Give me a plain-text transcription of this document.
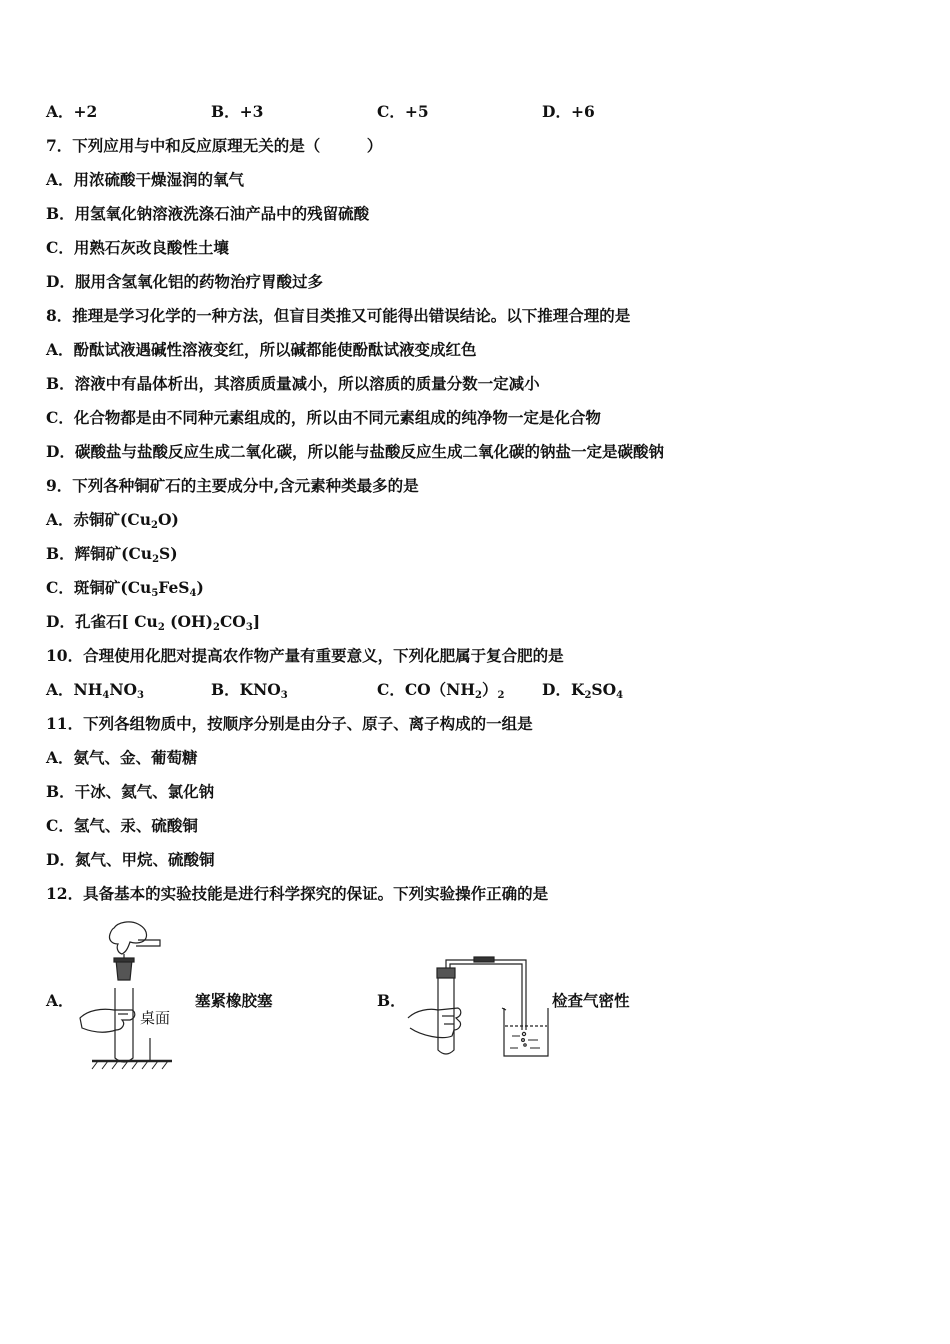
A．+2	B．+3	C．+5	D．+6
7．下列应用与中和反应原理无关的是（　　　）
A．用浓硫酸干燥湿润的氧气
B．用氢氧化钠溶液洗涤石油产品中的残留硫酸
C．用熟石灰改良酸性土壤
D．服用含氢氧化铝的药物治疗胃酸过多
8．推理是学习化学的一种方法，但盲目类推又可能得出错误结论。以下推理合理的是
A．酚酞试液遇碱性溶液变红，所以碱都能使酚酞试液变成红色
B．溶液中有晶体析出，其溶质质量减小，所以溶质的质量分数一定减小
C．化合物都是由不同种元素组成的，所以由不同元素组成的纯净物一定是化合物
D．碳酸盐与盐酸反应生成二氧化碳，所以能与盐酸反应生成二氧化碳的钠盐一定是碳酸钠
9．下列各种铜矿石的主要成分中,含元素种类最多的是
A．赤铜矿$(Cu_2O)$
B．辉铜矿$(Cu_2S)$
C．斑铜矿$(Cu_5FeS_4)$
D．孔雀石[ $Cu_2$ $(OH)_2CO_3$]
10．合理使用化肥对提高农作物产量有重要意义，下列化肥属于复合肥的是
A．$NH_4NO_3$	B．$KNO_3$	C．$CO(NH_2)_2$ D．$K_2SO_4$
11．下列各组物质中，按顺序分别是由分子、原子、离子构成的一组是
A．氨气、金、葡萄糖
B．干冰、氦气、氯化钠
C．氢气、汞、硫酸铜
D．氮气、甲烷、硫酸铜
12．具备基本的实验技能是进行科学探究的保证。下列实验操作正确的是
A．
桌面
塞紧橡胶塞	B．	检查气密性
